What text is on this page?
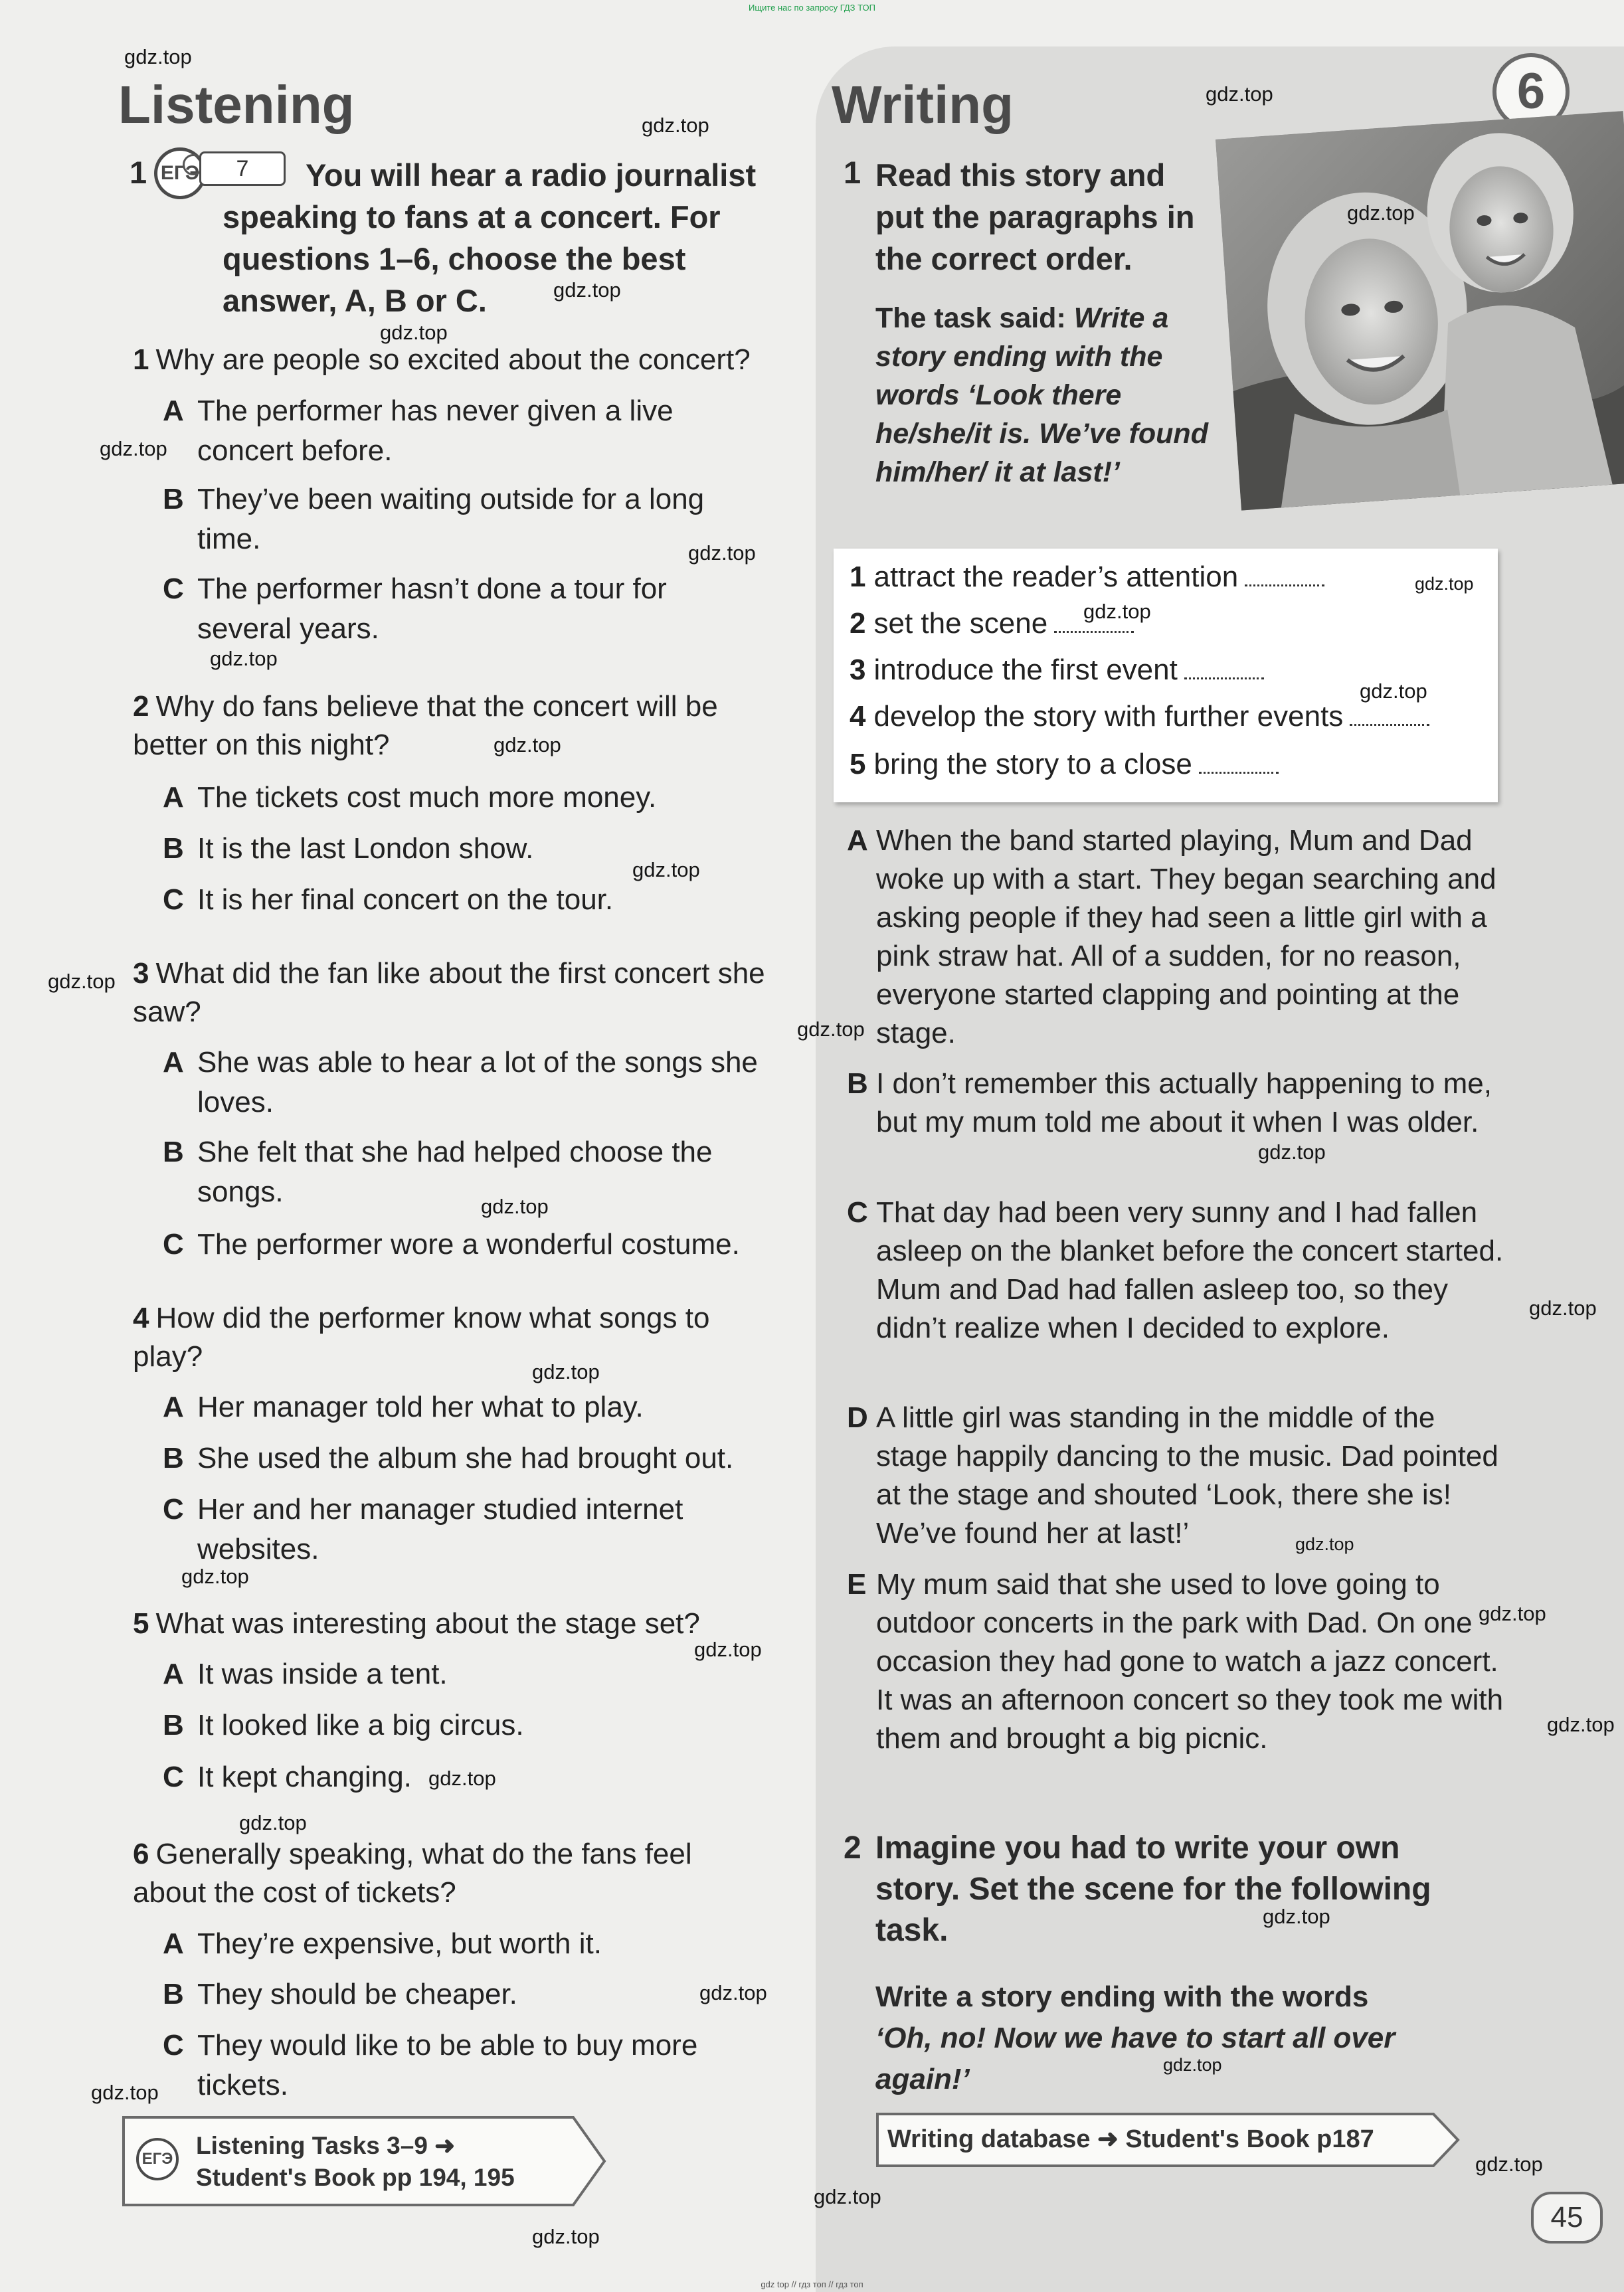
Ищите нас по запросу ГДЗ ТОП
Listening
1 ЕГЭ	7	You will hear a radio journalist speaking to fans at a concert. For questions 1–6, choose the best answer, A, B or C.
1 Why are people so excited about the concert?
A The performer has never given a live concert before.
B They’ve been waiting outside for a long time.
C The performer hasn’t done a tour for several years.
2 Why do fans believe that the concert will be better on this night?
A The tickets cost much more money.
B It is the last London show.
C It is her final concert on the tour.
3 What did the fan like about the first concert she saw?
A She was able to hear a lot of the songs she loves.
B She felt that she had helped choose the songs.
C The performer wore a wonderful costume.
4 How did the performer know what songs to play?
A Her manager told her what to play.
B She used the album she had brought out.
C Her and her manager studied internet websites.
5 What was interesting about the stage set?
A It was inside a tent.
B It looked like a big circus.
C It kept changing.
6 Generally speaking, what do the fans feel about the cost of tickets?
A They’re expensive, but worth it.
B They should be cheaper.
C They would like to be able to buy more tickets.
ЕГЭ Listening Tasks 3–9 ➜
Student's Book pp 194, 195
Writing	6
1 Read this story and put the paragraphs in the correct order.
The task said: Write a story ending with the words ‘Look there he/she/it is. We’ve found him/her/ it at last!’
1 attract the reader’s attention
2 set the scene
3 introduce the first event
4 develop the story with further events
5 bring the story to a close
A When the band started playing, Mum and Dad woke up with a start. They began searching and asking people if they had seen a little girl with a pink straw hat. All of a sudden, for no reason, everyone started clapping and pointing at the stage.
B I don’t remember this actually happening to me, but my mum told me about it when I was older.
C That day had been very sunny and I had fallen asleep on the blanket before the concert started. Mum and Dad had fallen asleep too, so they didn’t realize when I decided to explore.
D A little girl was standing in the middle of the stage happily dancing to the music. Dad pointed at the stage and shouted ‘Look, there she is! We’ve found her at last!’
E My mum said that she used to love going to outdoor concerts in the park with Dad. On one occasion they had gone to watch a jazz concert. It was an afternoon concert so they took me with them and brought a big picnic.
2 Imagine you had to write your own story. Set the scene for the following task.
Write a story ending with the words
‘Oh, no! Now we have to start all over again!’
Writing database ➜ Student's Book p187
45
gdz.top
gdz.top
gdz.top
gdz.top
gdz.top
gdz.top
gdz.top
gdz.top
gdz.top
gdz.top
gdz.top
gdz.top
gdz.top
gdz.top
gdz.top
gdz.top
gdz.top
gdz.top
gdz.top
gdz.top
gdz.top
gdz.top
gdz.top
gdz.top
gdz.top
gdz.top
gdz.top
gdz.top
gdz.top
gdz.top
gdz.top
gdz.top
gdz.top
gdz.top
gdz top // гдз топ // гдз топ
